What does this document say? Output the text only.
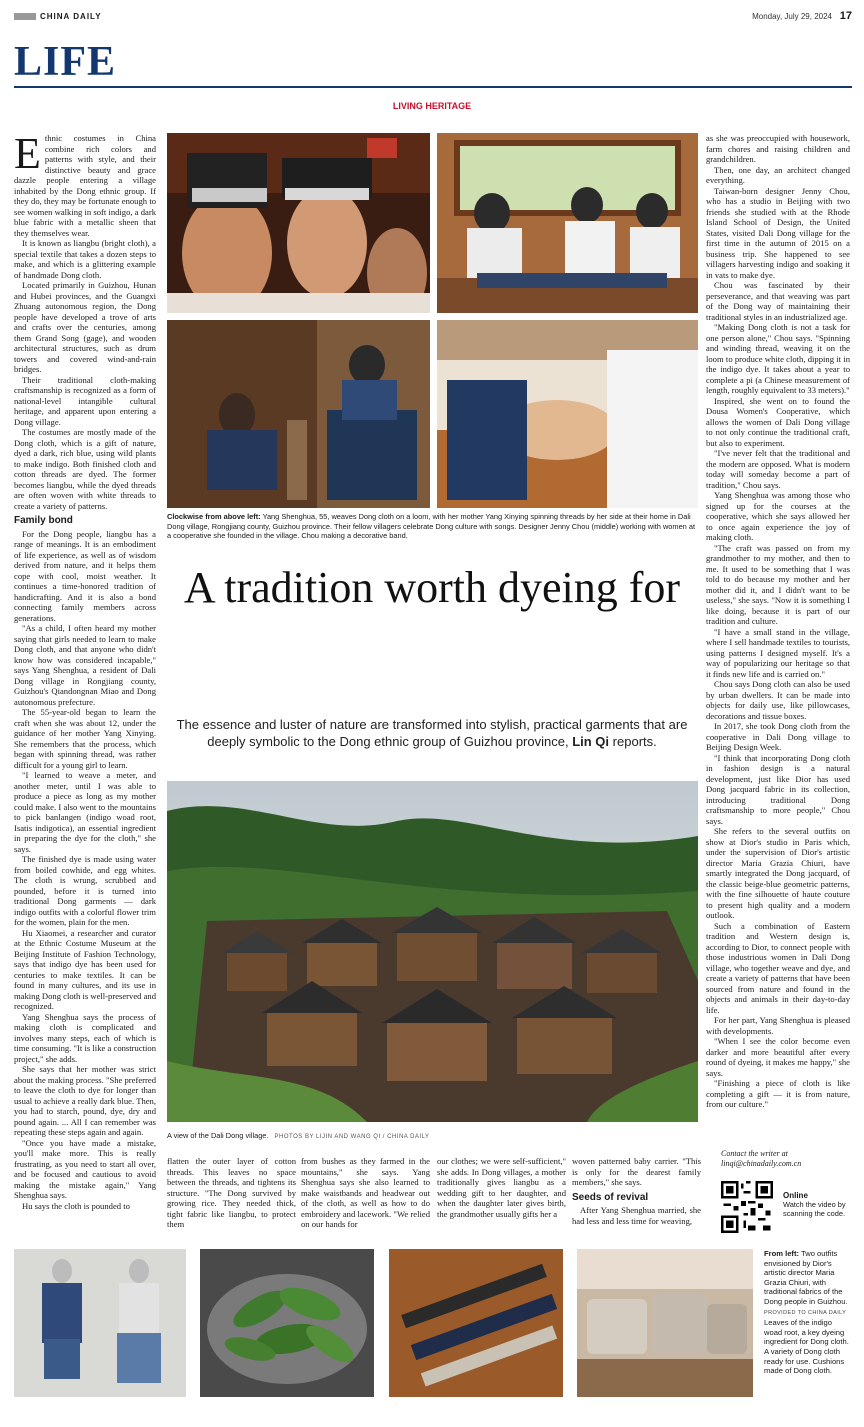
CHINA DAILY	Monday, July 29, 2024 17
LIFE
LIVING HERITAGE
E thnic costumes in China combine rich colors and patterns with style, and their distinctive beauty and grace dazzle people entering a village inhabited by the Dong ethnic group. If they do, they may be fortunate enough to see women walking in soft indigo, a dark blue fabric with a metallic sheen that they themselves wear.

It is known as liangbu (bright cloth), a special textile that takes a dozen steps to make, and which is a glittering example of handmade Dong cloth.

Located primarily in Guizhou, Hunan and Hubei provinces, and the Guangxi Zhuang autonomous region, the Dong people have developed a trove of arts and crafts over the centuries, among them Grand Song (gage), and wooden architectural structures, such as drum towers and covered wind-and-rain bridges.

Their traditional cloth-making craftsmanship is recognized as a form of national-level intangible cultural heritage, and apparent upon entering a Dong village.

The costumes are mostly made of the Dong cloth, which is a gift of nature, dyed a dark, rich blue, using wild plants to make indigo. Both finished cloth and cotton threads are dyed. The former becomes liangbu, while the dyed threads are often woven with white threads to create a variety of patterns.

Family bond

For the Dong people, liangbu has a range of meanings. It is an embodiment of life experience, as well as of wisdom derived from nature, and it helps them cope with cool, moist weather. It continues a time-honored tradition of handicrafting. And it is also a bond connecting family members across generations.

"As a child, I often heard my mother saying that girls needed to learn to make Dong cloth, and that anyone who didn't know how was considered incapable," says Yang Shenghua, a resident of Dali Dong village in Rongjiang county, Guizhou's Qiandongnan Miao and Dong autonomous prefecture.

The 55-year-old began to learn the craft when she was about 12, under the guidance of her mother Yang Xinying. She remembers that the process, which began with spinning thread, was rather difficult for a young girl to learn.

"I learned to weave a meter, and another meter, until I was able to produce a piece as long as my mother could make. I also went to the mountains to pick banlangen (indigo woad root, Isatis indigotica), an essential ingredient in preparing the dye for the cloth," she says.

The finished dye is made using water from boiled cowhide, and egg whites. The cloth is wrung, scrubbed and pounded, before it is turned into traditional Dong garments — dark indigo outfits with a colorful flower trim for the women, plain for the men.

Hu Xiaomei, a researcher and curator at the Ethnic Costume Museum at the Beijing Institute of Fashion Technology, says that indigo dye has been used for centuries to make textiles. It can be found in many cultures, and its use in making Dong cloth is well-preserved and recognized.

Yang Shenghua says the process of making cloth is complicated and involves many steps, each of which is time consuming. "It is like a construction project," she adds.

She says that her mother was strict about the making process. "She preferred to leave the cloth to dye for longer than usual to achieve a really dark blue. Then, you had to starch, pound, dye, dry and pound again. ... All I can remember was repeating these steps again and again.

"Once you have made a mistake, you'll make more. This is really frustrating, as you need to start all over, and be focused and cautious to avoid making the mistake again," Yang Shenghua says.

Hu says the cloth is pounded to

Clockwise from above left: Yang Shenghua, 55, weaves Dong cloth on a loom, with her mother Yang Xinying spinning threads by her side at their home in Dali Dong village, Rongjiang county, Guizhou province. Their fellow villagers celebrate Dong culture with songs. Designer Jenny Chou (middle) working with women at a cooperative she founded in the village. Chou making a decorative band.
A tradition worth dyeing for
The essence and luster of nature are transformed into stylish, practical garments that are deeply symbolic to the Dong ethnic group of Guizhou province, Lin Qi reports.
A view of the Dali Dong village. PHOTOS BY LIJIN AND WANG QI / CHINA DAILY

flatten the outer layer of cotton threads. This leaves no space between the threads, and tightens its structure. "The Dong survived by growing rice. They needed thick, tight fabric like liangbu, to protect them

from bushes as they farmed in the mountains," she says. Yang Shenghua says she also learned to make waistbands and headwear out of the cloth, as well as how to do embroidery and lacework. "We relied on our hands for

our clothes; we were self-sufficient," she adds. In Dong villages, a mother traditionally gives liangbu as a wedding gift to her daughter, and when the daughter later gives birth, the grandmother usually gifts her a

woven patterned baby carrier. "This is only for the dearest family members," she says.

Seeds of revival

After Yang Shenghua married, she had less and less time for weaving,

as she was preoccupied with housework, farm chores and raising children and grandchildren.

Then, one day, an architect changed everything.

Taiwan-born designer Jenny Chou, who has a studio in Beijing with two friends she studied with at the Rhode Island School of Design, the United States, visited Dali Dong village for the first time in the autumn of 2015 on a business trip. She happened to see villagers harvesting indigo and soaking it in vats to make dye.

Chou was fascinated by their perseverance, and that weaving was part of the Dong way of maintaining their traditional styles in an industrialized age.

"Making Dong cloth is not a task for one person alone," Chou says. "Spinning and winding thread, weaving it on the loom to produce white cloth, dipping it in the indigo dye. It takes about a year to complete a pi (a Chinese measurement of length, roughly equivalent to 33 meters)."

Inspired, she went on to found the Dousa Women's Cooperative, which allows the women of Dali Dong village to not only continue the traditional craft, but also to experiment.

"I've never felt that the traditional and the modern are opposed. What is modern today will someday become a part of tradition," Chou says.

Yang Shenghua was among those who signed up for the courses at the cooperative, which she says allowed her to once again experience the joy of making cloth.

"The craft was passed on from my grandmother to my mother, and then to me. It used to be something that I was told to do because my mother and her mother did it, and I didn't want to be useless," she says. "Now it is something I like doing, because it is part of our tradition and culture.

"I have a small stand in the village, where I sell handmade textiles to tourists, using patterns I designed myself. It's a way of popularizing our heritage so that it finds new life and is carried on."

Chou says Dong cloth can also be used by urban dwellers. It can be made into objects for daily use, like pillowcases, decorations and tissue boxes.

In 2017, she took Dong cloth from the cooperative in Dali Dong village to Beijing Design Week.

"I think that incorporating Dong cloth in fashion design is a natural development, just like Dior has used Dong jacquard fabric in its collection, introducing traditional Dong craftsmanship to more people," Chou says.

She refers to the several outfits on show at Dior's studio in Paris which, under the supervision of Dior's artistic director Maria Grazia Chiuri, have smartly integrated the Dong jacquard, of the classic beige-blue geometric patterns, with the fine silhouette of haute couture to present high quality and a modern outlook.

Such a combination of Eastern tradition and Western design is, according to Dior, to connect people with those industrious women in Dali Dong village, who together weave and dye, and create a variety of patterns that have been sourced from nature and found in the objects and animals in their day-to-day life.

For her part, Yang Shenghua is pleased with developments.

"When I see the color become even darker and more beautiful after every round of dyeing, it makes me happy," she says.

"Finishing a piece of cloth is like completing a gift — it is from nature, from our culture."

Contact the writer at
linqi@chinadaily.com.cn
Online
Watch the video by scanning the code.
From left: Two outfits envisioned by Dior's artistic director Maria Grazia Chiuri, with traditional fabrics of the Dong people in Guizhou. PROVIDED TO CHINA DAILY Leaves of the indigo woad root, a key dyeing ingredient for Dong cloth. A variety of Dong cloth ready for use. Cushions made of Dong cloth.
